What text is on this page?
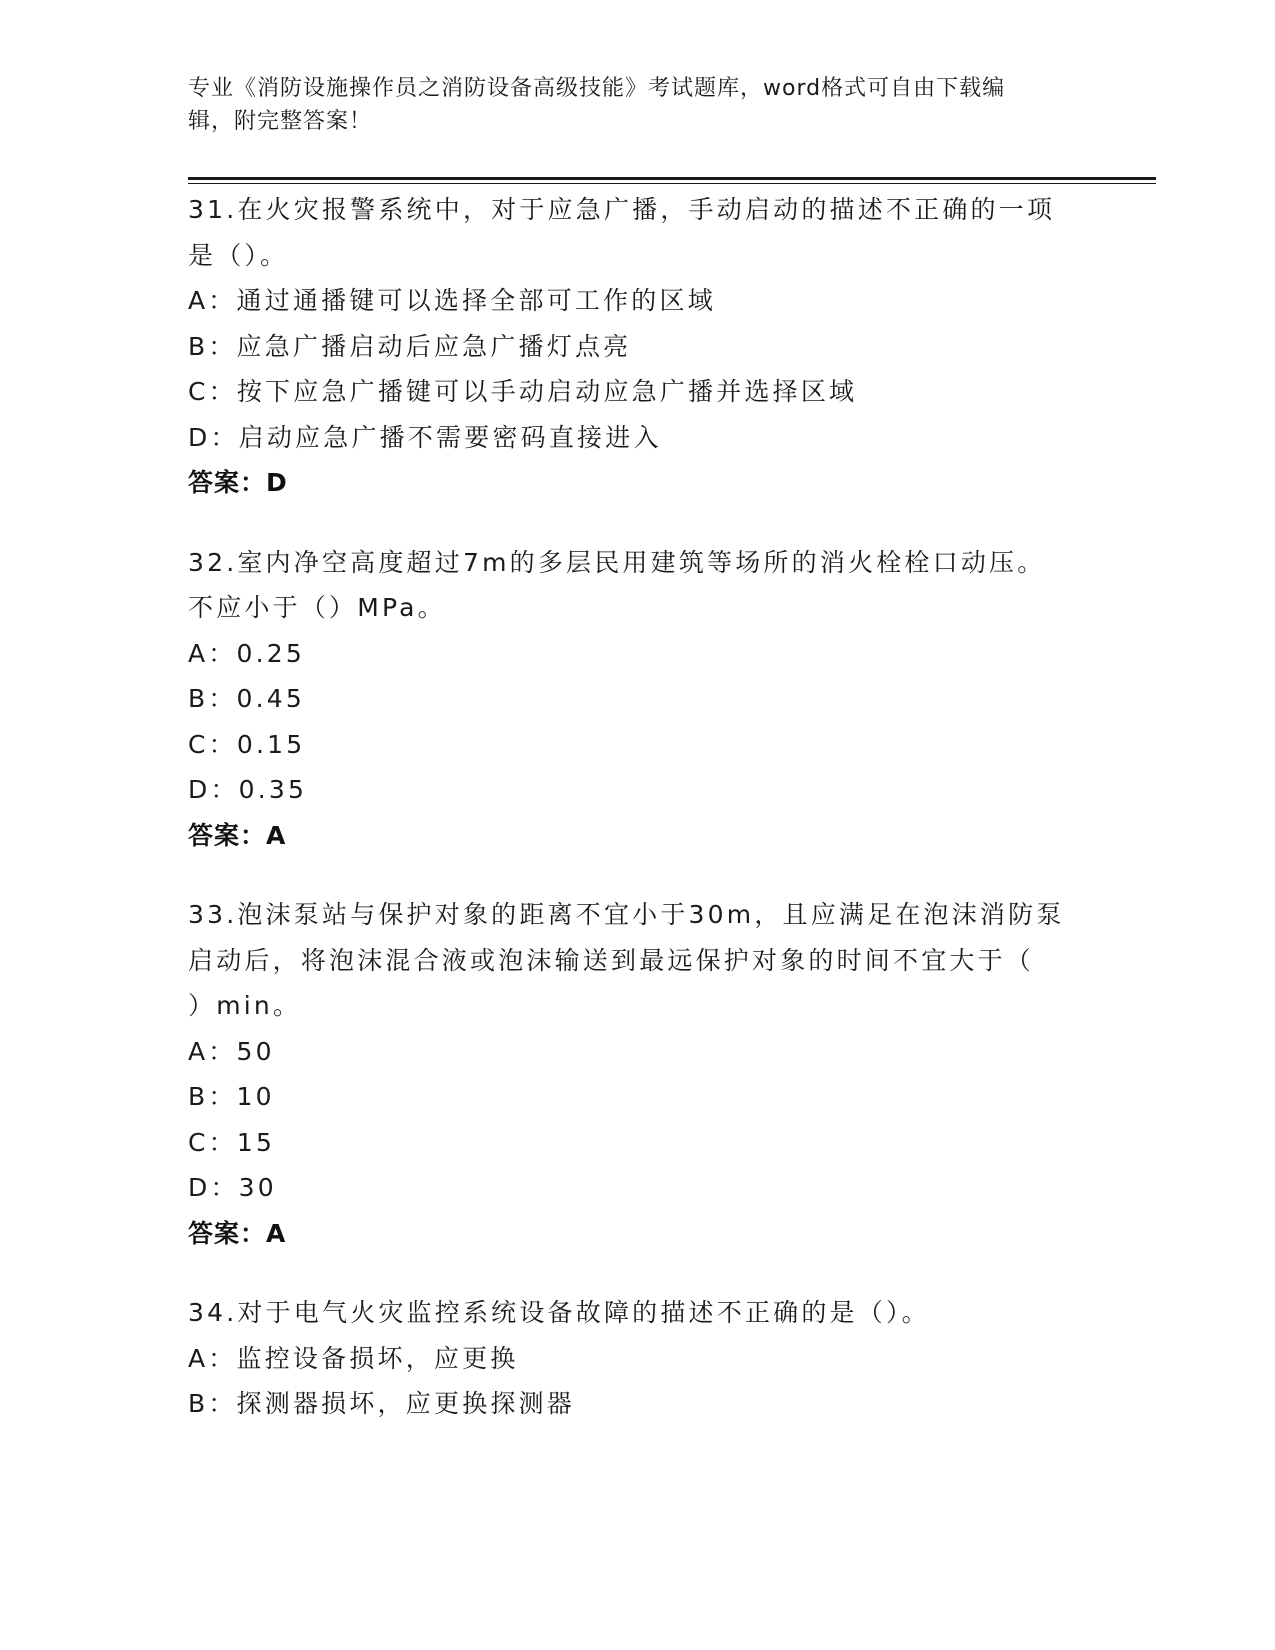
专业《消防设施操作员之消防设备高级技能》考试题库，word格式可自由下载编
辑，附完整答案！
31.在火灾报警系统中，对于应急广播，手动启动的描述不正确的一项
是（）。
A：通过通播键可以选择全部可工作的区域
B：应急广播启动后应急广播灯点亮
C：按下应急广播键可以手动启动应急广播并选择区域
D：启动应急广播不需要密码直接进入
答案：D
32.室内净空高度超过7m的多层民用建筑等场所的消火栓栓口动压。
不应小于（）MPa。
A：0.25
B：0.45
C：0.15
D：0.35
答案：A
33.泡沫泵站与保护对象的距离不宜小于30m，且应满足在泡沫消防泵
启动后，将泡沫混合液或泡沫输送到最远保护对象的时间不宜大于（
）min。
A：50
B：10
C：15
D：30
答案：A
34.对于电气火灾监控系统设备故障的描述不正确的是（）。
A：监控设备损坏，应更换
B：探测器损坏，应更换探测器
